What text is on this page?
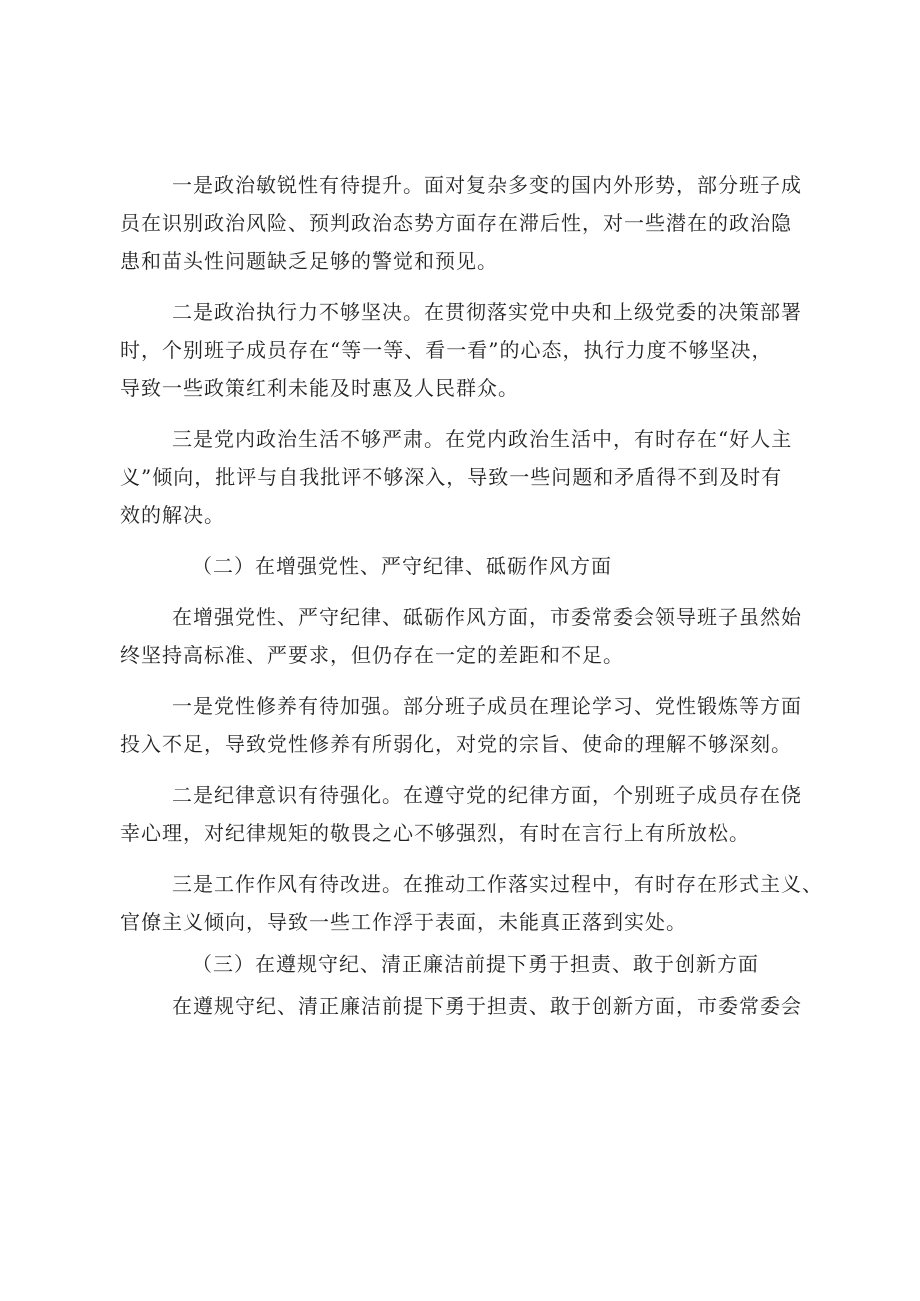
一是政治敏锐性有待提升。面对复杂多变的国内外形势，部分班子成
员在识别政治风险、预判政治态势方面存在滞后性，对一些潜在的政治隐
患和苗头性问题缺乏足够的警觉和预见。

二是政治执行力不够坚决。在贯彻落实党中央和上级党委的决策部署
时，个别班子成员存在“等一等、看一看”的心态，执行力度不够坚决，
导致一些政策红利未能及时惠及人民群众。

三是党内政治生活不够严肃。在党内政治生活中，有时存在“好人主
义”倾向，批评与自我批评不够深入，导致一些问题和矛盾得不到及时有
效的解决。

（二）在增强党性、严守纪律、砥砺作风方面

在增强党性、严守纪律、砥砺作风方面，市委常委会领导班子虽然始
终坚持高标准、严要求，但仍存在一定的差距和不足。

一是党性修养有待加强。部分班子成员在理论学习、党性锻炼等方面
投入不足，导致党性修养有所弱化，对党的宗旨、使命的理解不够深刻。

二是纪律意识有待强化。在遵守党的纪律方面，个别班子成员存在侥
幸心理，对纪律规矩的敬畏之心不够强烈，有时在言行上有所放松。

三是工作作风有待改进。在推动工作落实过程中，有时存在形式主义、
官僚主义倾向，导致一些工作浮于表面，未能真正落到实处。

（三）在遵规守纪、清正廉洁前提下勇于担责、敢于创新方面

在遵规守纪、清正廉洁前提下勇于担责、敢于创新方面，市委常委会
